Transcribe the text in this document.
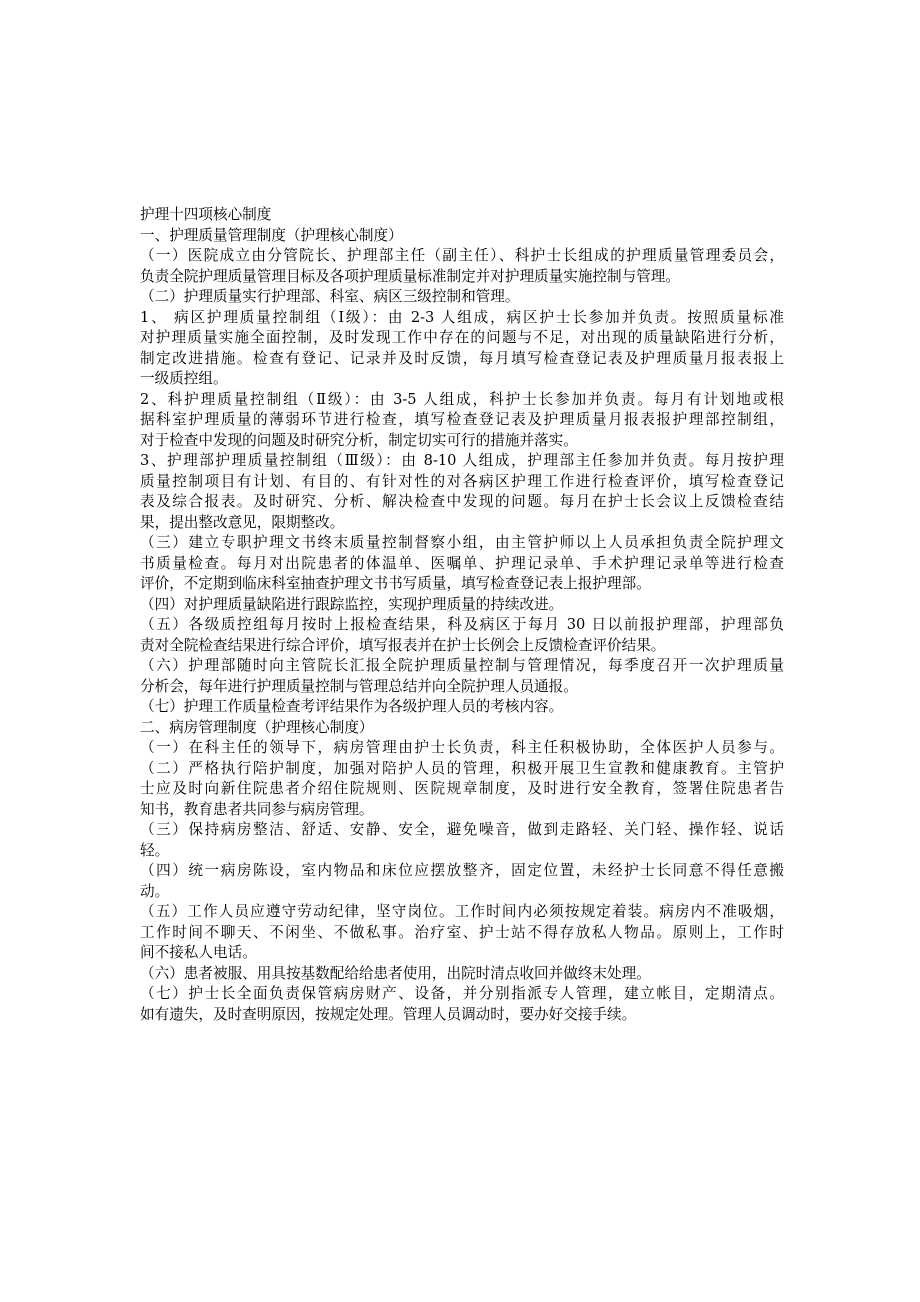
护理十四项核心制度
一、护理质量管理制度（护理核心制度）
（一）医院成立由分管院长、护理部主任（副主任）、科护士长组成的护理质量管理委员会，
负责全院护理质量管理目标及各项护理质量标准制定并对护理质量实施控制与管理。
（二）护理质量实行护理部、科室、病区三级控制和管理。
1、 病区护理质量控制组（Ⅰ级）：由 2-3 人组成，病区护士长参加并负责。按照质量标准
对护理质量实施全面控制，及时发现工作中存在的问题与不足，对出现的质量缺陷进行分析，
制定改进措施。检查有登记、记录并及时反馈，每月填写检查登记表及护理质量月报表报上
一级质控组。
2、科护理质量控制组（Ⅱ级）：由 3-5 人组成，科护士长参加并负责。每月有计划地或根
据科室护理质量的薄弱环节进行检查，填写检查登记表及护理质量月报表报护理部控制组，
对于检查中发现的问题及时研究分析，制定切实可行的措施并落实。
3、护理部护理质量控制组（Ⅲ级）：由 8-10 人组成，护理部主任参加并负责。每月按护理
质量控制项目有计划、有目的、有针对性的对各病区护理工作进行检查评价，填写检查登记
表及综合报表。及时研究、分析、解决检查中发现的问题。每月在护士长会议上反馈检查结
果，提出整改意见，限期整改。
（三）建立专职护理文书终末质量控制督察小组，由主管护师以上人员承担负责全院护理文
书质量检查。每月对出院患者的体温单、医嘱单、护理记录单、手术护理记录单等进行检查
评价，不定期到临床科室抽查护理文书书写质量，填写检查登记表上报护理部。
（四）对护理质量缺陷进行跟踪监控，实现护理质量的持续改进。
（五）各级质控组每月按时上报检查结果，科及病区于每月 30 日以前报护理部，护理部负
责对全院检查结果进行综合评价，填写报表并在护士长例会上反馈检查评价结果。
（六）护理部随时向主管院长汇报全院护理质量控制与管理情况，每季度召开一次护理质量
分析会，每年进行护理质量控制与管理总结并向全院护理人员通报。
（七）护理工作质量检查考评结果作为各级护理人员的考核内容。
二、病房管理制度（护理核心制度）
（一）在科主任的领导下，病房管理由护士长负责，科主任积极协助，全体医护人员参与。
（二）严格执行陪护制度，加强对陪护人员的管理，积极开展卫生宣教和健康教育。主管护
士应及时向新住院患者介绍住院规则、医院规章制度，及时进行安全教育，签署住院患者告
知书，教育患者共同参与病房管理。
（三）保持病房整洁、舒适、安静、安全，避免噪音，做到走路轻、关门轻、操作轻、说话
轻。
（四）统一病房陈设，室内物品和床位应摆放整齐，固定位置，未经护士长同意不得任意搬
动。
（五）工作人员应遵守劳动纪律，坚守岗位。工作时间内必须按规定着装。病房内不准吸烟，
工作时间不聊天、不闲坐、不做私事。治疗室、护士站不得存放私人物品。原则上，工作时
间不接私人电话。
（六）患者被服、用具按基数配给给患者使用，出院时清点收回并做终末处理。
（七）护士长全面负责保管病房财产、设备，并分别指派专人管理，建立帐目，定期清点。
如有遗失，及时查明原因，按规定处理。管理人员调动时，要办好交接手续。
